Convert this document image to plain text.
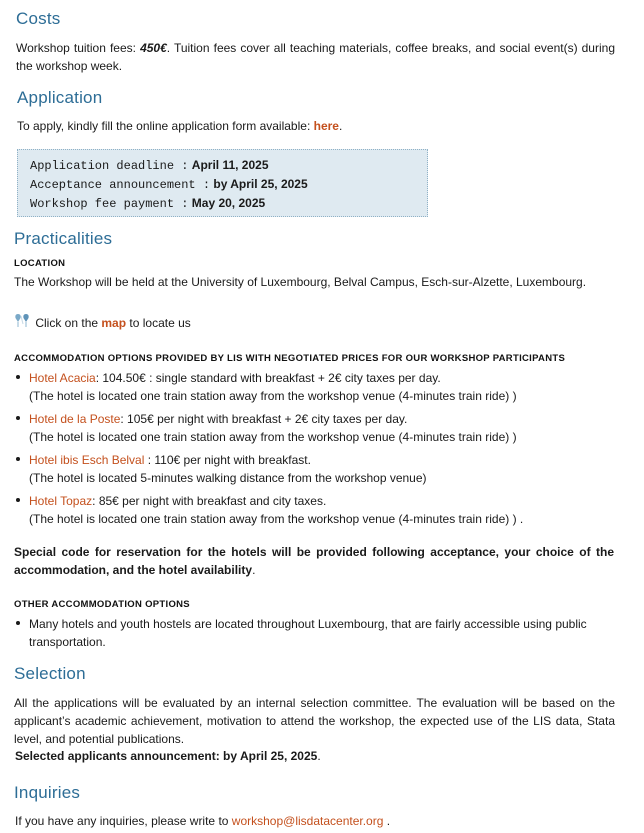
Costs
Workshop tuition fees: 450€. Tuition fees cover all teaching materials, coffee breaks, and social event(s) during the workshop week.
Application
To apply, kindly fill the online application form available: here.
Application deadline : April 11, 2025
Acceptance announcement : by April 25, 2025
Workshop fee payment : May 20, 2025
Practicalities
LOCATION
The Workshop will be held at the University of Luxembourg, Belval Campus, Esch-sur-Alzette, Luxembourg.
Click on the map to locate us
ACCOMMODATION OPTIONS PROVIDED BY LIS WITH NEGOTIATED PRICES FOR OUR WORKSHOP PARTICIPANTS
Hotel Acacia: 104.50€ : single standard with breakfast + 2€ city taxes per day.
(The hotel is located one train station away from the workshop venue (4-minutes train ride) )
Hotel de la Poste: 105€ per night with breakfast + 2€ city taxes per day.
(The hotel is located one train station away from the workshop venue (4-minutes train ride) )
Hotel ibis Esch Belval : 110€ per night with breakfast.
(The hotel is located 5-minutes walking distance from the workshop venue)
Hotel Topaz: 85€ per night with breakfast and city taxes.
(The hotel is located one train station away from the workshop venue (4-minutes train ride) ) .
Special code for reservation for the hotels will be provided following acceptance, your choice of the accommodation, and the hotel availability.
OTHER ACCOMMODATION OPTIONS
Many hotels and youth hostels are located throughout Luxembourg, that are fairly accessible using public transportation.
Selection
All the applications will be evaluated by an internal selection committee. The evaluation will be based on the applicant’s academic achievement, motivation to attend the workshop, the expected use of the LIS data, Stata level, and potential publications.
Selected applicants announcement: by April 25, 2025.
Inquiries
If you have any inquiries, please write to workshop@lisdatacenter.org .
